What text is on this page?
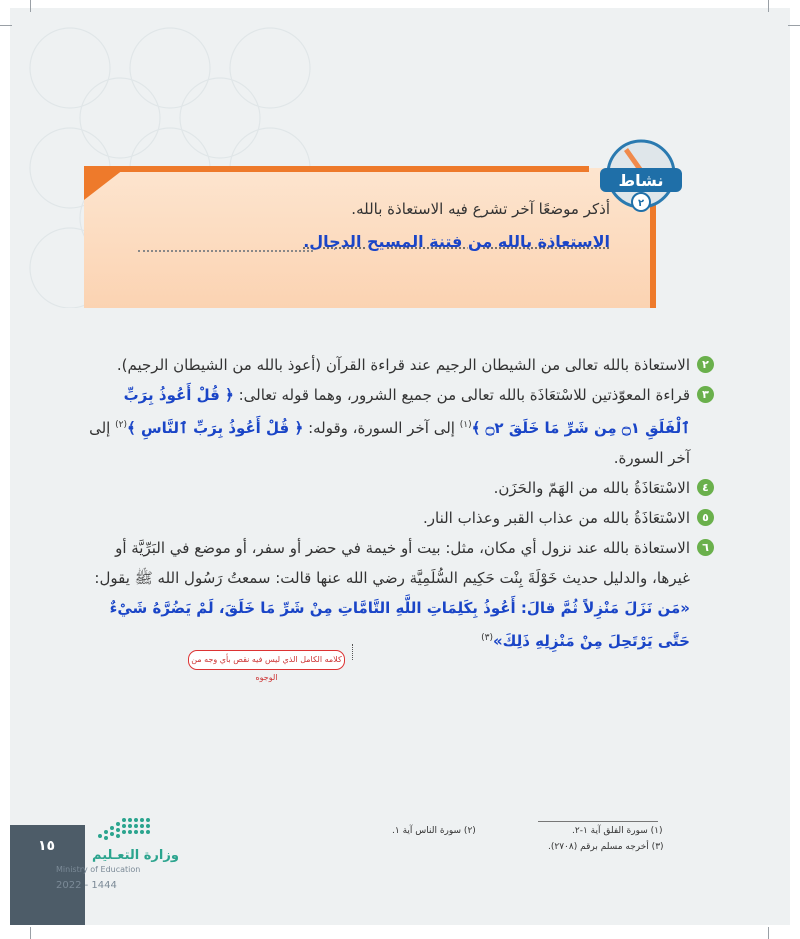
نشاط
٢
أذكر موضعًا آخر تشرع فيه الاستعاذة بالله.
الاستعاذة بالله من فتنة المسيح الدجال.

٢
الاستعاذة بالله تعالى من الشيطان الرجيم عند قراءة القرآن (أعوذ بالله من الشيطان الرجيم).

٣
قراءة المعوّذتين للاسْتعَاذَة بالله تعالى من جميع الشرور، وهما قوله تعالى: ﴿ قُلْ أَعُوذُ بِرَبِّ ٱلْفَلَقِ ۝١ مِن شَرِّ مَا خَلَقَ ۝٢ ﴾$^{(١)}$ إلى آخر السورة، وقوله: ﴿ قُلْ أَعُوذُ بِرَبِّ ٱلنَّاسِ ﴾$^{(٢)}$ إلى آخر السورة.

٤
الاسْتعَاذَةُ بالله من الهَمّ والحَزَن.

٥
الاسْتعَاذَةُ بالله من عذاب القبر وعذاب النار.

٦
الاستعاذة بالله عند نزول أي مكان، مثل: بيت أو خيمة في حضر أو سفر، أو موضع في البَرِّيَّة أو غيرها، والدليل حديث خَوْلَةَ بِنْت حَكِيم السُّلَمِيَّة رضي الله عنها قالت: سمعتُ رَسُول الله ﷺ يقول: «مَن نَزَلَ مَنْزِلاً ثُمَّ قالَ: أَعُوذُ بِكَلِمَاتِ اللَّهِ التَّامَّاتِ مِنْ شَرِّ مَا خَلَقَ، لَمْ يَضُرَّهُ شَيْءٌ حَتَّى يَرْتَحِلَ مِنْ مَنْزِلِهِ ذَلِكَ»$^{(٣)}$

كلامه الكامل الذي ليس فيه نقص بأي وجه من الوجوه
(١) سورة الفلق آية ١-٢.
(٢) سورة الناس آية ١.
(٣) أخرجه مسلم برقم (٢٧٠٨).
١٥
وزارة التعـليم
Ministry of Education
2022 - 1444
